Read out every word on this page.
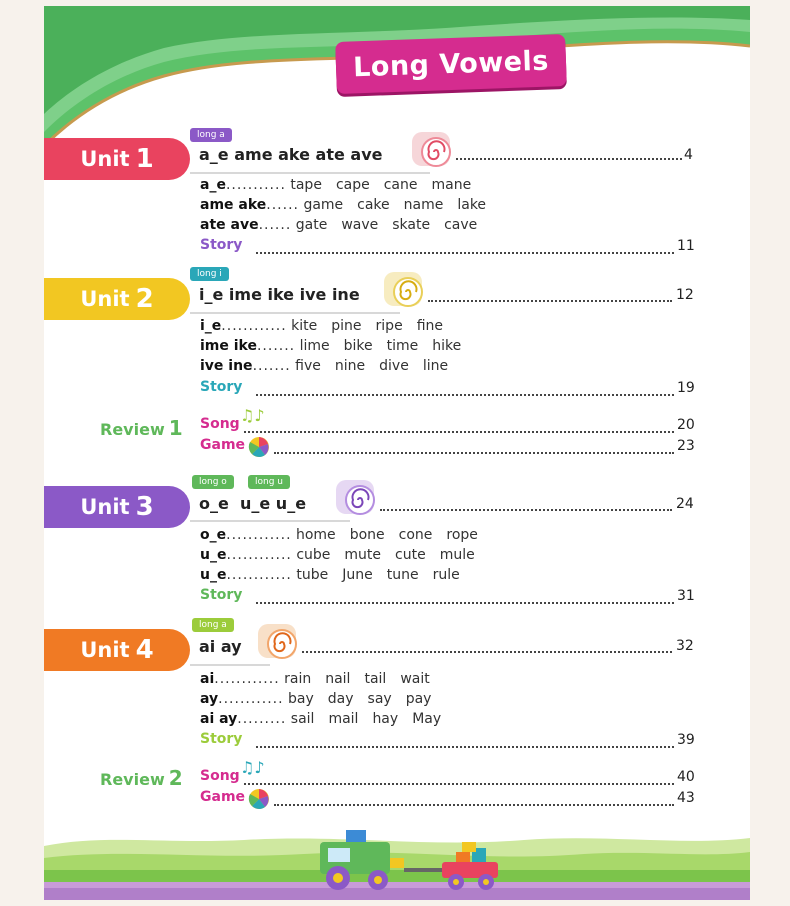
Long Vowels
Unit 1
long a
a_e ame ake ate ave	4
a_e........... tape cape cane mane
ame ake...... game cake name lake
ate ave...... gate wave skate cave
Story	11
Unit 2
long i
i_e ime ike ive ine	12
i_e............ kite pine ripe fine
ime ike....... lime bike time hike
ive ine....... five nine dive line
Story	19
Review 1
♫♪
Song	20
Game	23
Unit 3
long o	long u
o_e  u_e u_e	24
o_e............ home bone cone rope
u_e............ cube mute cute mule
u_e............ tube June tune rule
Story	31
Unit 4
long a
ai ay	32
ai............ rain nail tail wait
ay............ bay day say pay
ai ay......... sail mail hay May
Story	39
Review 2	♫♪
Song	40
Game	43
